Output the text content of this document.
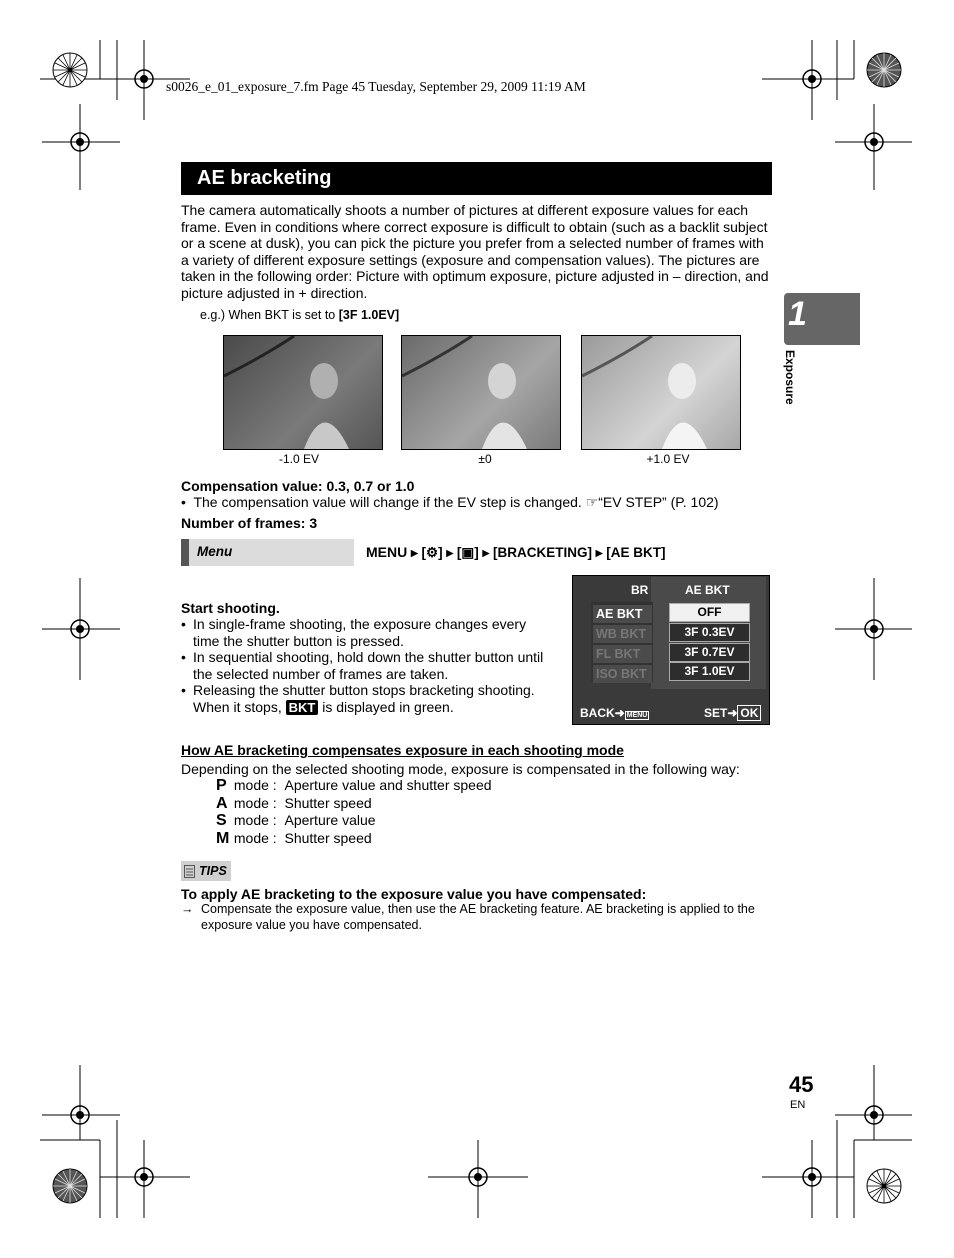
s0026_e_01_exposure_7.fm Page 45 Tuesday, September 29, 2009 11:19 AM
AE bracketing
The camera automatically shoots a number of pictures at different exposure values for each frame. Even in conditions where correct exposure is difficult to obtain (such as a backlit subject or a scene at dusk), you can pick the picture you prefer from a selected number of frames with a variety of different exposure settings (exposure and compensation values). The pictures are taken in the following order: Picture with optimum exposure, picture adjusted in – direction, and picture adjusted in + direction.
e.g.) When BKT is set to [3F 1.0EV]
-1.0 EV	±0	+1.0 EV
Compensation value: 0.3, 0.7 or 1.0
•  The compensation value will change if the EV step is changed. ☞“EV STEP” (P. 102)
Number of frames: 3
Menu	MENU ▸ [⚙] ▸ [▣] ▸ [BRACKETING] ▸ [AE BKT]
BR	AE BKT
AE BKT
WB BKT
FL BKT
ISO BKT
OFF
3F 0.3EV
3F 0.7EV
3F 1.0EV
BACK➜ MENU	SET➜ OK
Start shooting.
• In single-frame shooting, the exposure changes every time the shutter button is pressed.
• In sequential shooting, hold down the shutter button until the selected number of frames are taken.
• Releasing the shutter button stops bracketing shooting.
When it stops, BKT is displayed in green.
How AE bracketing compensates exposure in each shooting mode
Depending on the selected shooting mode, exposure is compensated in the following way:
P mode :  Aperture value and shutter speed
A mode :  Shutter speed
S mode :  Aperture value
M mode :  Shutter speed
TIPS
To apply AE bracketing to the exposure value you have compensated:
→ Compensate the exposure value, then use the AE bracketing feature. AE bracketing is applied to the exposure value you have compensated.
1
Exposure
45
EN
